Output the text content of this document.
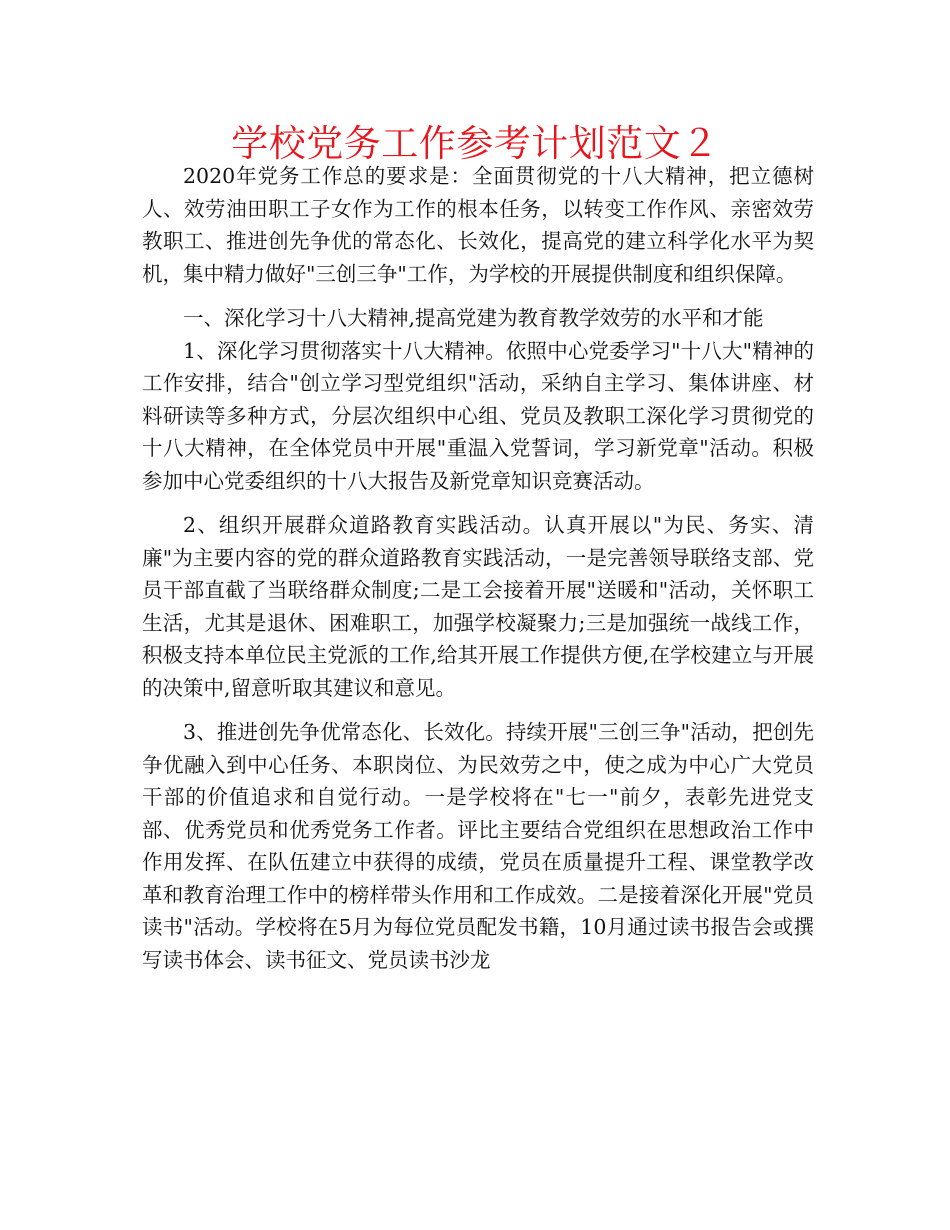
学校党务工作参考计划范文２

2020年党务工作总的要求是：全面贯彻党的十八大精神，把立德树人、效劳油田职工子女作为工作的根本任务，以转变工作作风、亲密效劳教职工、推进创先争优的常态化、长效化，提高党的建立科学化水平为契机，集中精力做好"三创三争"工作，为学校的开展提供制度和组织保障。

一、深化学习十八大精神,提高党建为教育教学效劳的水平和才能

1、深化学习贯彻落实十八大精神。依照中心党委学习"十八大"精神的工作安排，结合"创立学习型党组织"活动，采纳自主学习、集体讲座、材料研读等多种方式，分层次组织中心组、党员及教职工深化学习贯彻党的十八大精神，在全体党员中开展"重温入党誓词，学习新党章"活动。积极参加中心党委组织的十八大报告及新党章知识竞赛活动。

2、组织开展群众道路教育实践活动。认真开展以"为民、务实、清廉"为主要内容的党的群众道路教育实践活动，一是完善领导联络支部、党员干部直截了当联络群众制度;二是工会接着开展"送暖和"活动，关怀职工生活，尤其是退休、困难职工，加强学校凝聚力;三是加强统一战线工作，积极支持本单位民主党派的工作,给其开展工作提供方便,在学校建立与开展的决策中,留意听取其建议和意见。

3、推进创先争优常态化、长效化。持续开展"三创三争"活动，把创先争优融入到中心任务、本职岗位、为民效劳之中，使之成为中心广大党员干部的价值追求和自觉行动。一是学校将在"七一"前夕，表彰先进党支部、优秀党员和优秀党务工作者。评比主要结合党组织在思想政治工作中作用发挥、在队伍建立中获得的成绩，党员在质量提升工程、课堂教学改革和教育治理工作中的榜样带头作用和工作成效。二是接着深化开展"党员读书"活动。学校将在5月为每位党员配发书籍，10月通过读书报告会或撰写读书体会、读书征文、党员读书沙龙
